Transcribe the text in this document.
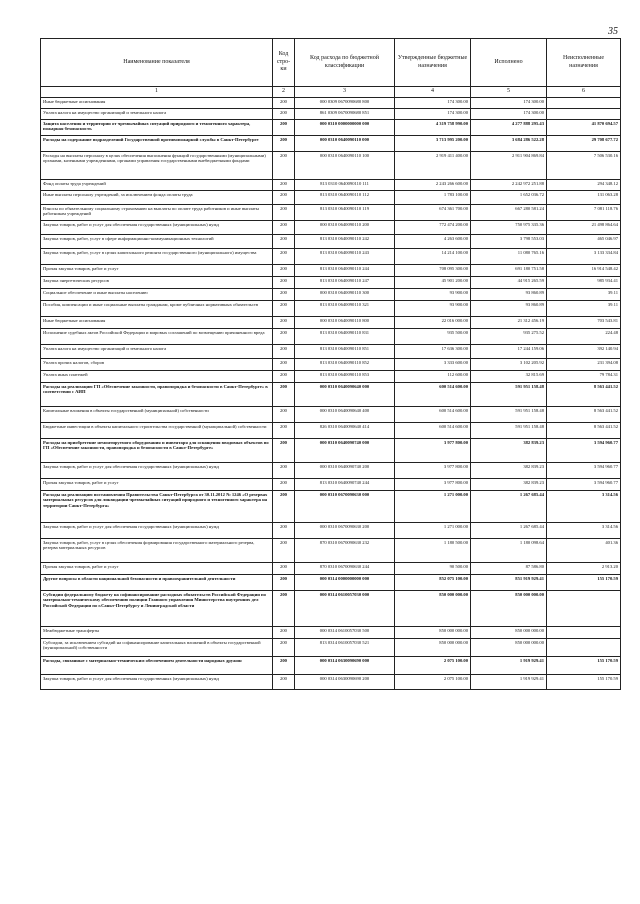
35
Наименование показателя	Код стро-ки	Код расхода по бюджетной классификации	Утвержденные бюджетные назначения	Исполнено	Неисполненные назначения
1	2	3	4	5	6
Иные бюджетные ассигнования	200	000 0309 0670090680 800	174 300.00	174 300.00	
Уплата налога на имущество организаций и земельного налога	200	861 0309 0670090680 851	174 300.00	174 300.00	
Защита населения и территории от чрезвычайных ситуаций природного и техногенного характера, пожарная безопасность	200	000 0310 0000000000 000	4 319 758 990.00	4 277 888 295.43	41 870 694.57
Расходы на содержание подразделений Государственной противопожарной службы в Санкт-Петербурге	200	000 0310 0640090110 000	3 713 995 200.00	3 684 286 522.28	29 708 677.72
Расходы на выплаты персоналу в целях обеспечения выполнения функций государственными (муниципальными) органами, казенными учреждениями, органами управления государственными внебюджетными фондами	200	000 0310 0640090110 100	2 919 411 400.00	2 911 904 869.84	7 506 530.16
Фонд оплаты труда учреждений	200	813 0310 0640090110 111	2 243 266 600.00	2 242 972 251.88	294 348.12
Иные выплаты персоналу учреждений, за исключением фонда оплаты труда	200	813 0310 0640090110 112	1 783 100.00	1 652 036.72	131 063.28
Взносы по обязательному социальному страхованию на выплаты по оплате труда работников и иные выплаты работникам учреждений	200	813 0310 0640090110 119	674 361 700.00	667 280 581.24	7 081 118.76
Закупка товаров, работ и услуг для обеспечения государственных (муниципальных) нужд	200	000 0310 0640090110 200	772 474 200.00	750 975 335.36	21 498 864.64
Закупка товаров, работ, услуг в сфере информационно-коммуникационных технологий	200	813 0310 0640090110 242	4 263 600.00	3 798 553.03	465 046.97
Закупка товаров, работ, услуг в целях капитального ремонта государственного (муниципального) имущества	200	813 0310 0640090110 243	14 214 100.00	11 080 765.16	3 133 334.84
Прочая закупка товаров, работ и услуг	200	813 0310 0640090110 244	708 095 300.00	691 180 751.58	16 914 548.42
Закупка энергетических ресурсов	200	813 0310 0640090110 247	45 901 200.00	44 915 265.59	985 934.41
Социальное обеспечение и иные выплаты населению	200	000 0310 0640090110 300	93 900.00	93 860.89	39.11
Пособия, компенсации и иные социальные выплаты гражданам, кроме публичных нормативных обязательств	200	813 0310 0640090110 321	93 900.00	93 860.89	39.11
Иные бюджетные ассигнования	200	000 0310 0640090110 800	22 016 000.00	21 312 456.19	703 543.81
Исполнение судебных актов Российской Федерации и мировых соглашений по возмещению причиненного вреда	200	813 0310 0640090110 831	935 500.00	935 275.52	224.48
Уплата налога на имущество организаций и земельного налога	200	813 0310 0640090110 851	17 636 300.00	17 244 159.06	392 140.94
Уплата прочих налогов, сборов	200	813 0310 0640090110 852	3 333 600.00	3 102 205.92	231 394.08
Уплата иных платежей	200	813 0310 0640090110 853	112 600.00	32 815.69	79 784.31
Расходы на реализацию ГП «Обеспечение законности, правопорядка и безопасности в Санкт-Петербурге» в соответствии с АИП	200	000 0310 0640090640 000	600 514 600.00	591 951 158.48	8 563 441.52
Капитальные вложения в объекты государственной (муниципальной) собственности	200	000 0310 0640090640 400	600 514 600.00	591 951 158.48	8 563 441.52
Бюджетные инвестиции в объекты капитального строительства государственной (муниципальной) собственности	200	826 0310 0640090640 414	600 514 600.00	591 951 158.48	8 563 441.52
Расходы на приобретение немонтируемого оборудования и инвентаря для оснащения вводимых объектов по ГП «Обеспечение законности, правопорядка и безопасности в Санкт-Петербурге»	200	000 0310 0640090740 000	3 977 800.00	382 839.23	3 594 960.77
Закупка товаров, работ и услуг для обеспечения государственных (муниципальных) нужд	200	000 0310 0640090740 200	3 977 800.00	382 839.23	3 594 960.77
Прочая закупка товаров, работ и услуг	200	813 0310 0640090740 244	3 977 800.00	382 839.23	3 594 960.77
Расходы на реализацию постановления Правительства Санкт-Петербурга от 30.11.2012 № 1246 «О резервах материальных ресурсов для ликвидации чрезвычайных ситуаций природного и техногенного характера на территории Санкт-Петербурга»	200	000 0310 0670090630 000	1 271 000.00	1 267 685.44	3 314.56
Закупка товаров, работ и услуг для обеспечения государственных (муниципальных) нужд	200	000 0310 0670090630 200	1 271 000.00	1 267 685.44	3 314.56
Закупка товаров, работ, услуг в целях обеспечения формирования государственного материального резерва, резерва материальных ресурсов	200	870 0310 0670090630 232	1 180 500.00	1 180 098.64	401.36
Прочая закупка товаров, работ и услуг	200	870 0310 0670090630 244	90 500.00	87 586.80	2 913.20
Другие вопросы в области национальной безопасности и правоохранительной деятельности	200	000 0314 0000000000 000	852 075 100.00	851 919 929.41	155 170.59
Субсидии федеральному бюджету на софинансирование расходных обязательств Российской Федерации по материально-техническому обеспечению полиции Главного управления Министерства внутренних дел Российской Федерации по г.Санкт-Петербургу и Ленинградской области	200	000 0314 0610057030 000	850 000 000.00	850 000 000.00	
Межбюджетные трансферты	200	000 0314 0610057030 500	850 000 000.00	850 000 000.00	
Субсидии, за исключением субсидий на софинансирование капитальных вложений в объекты государственной (муниципальной) собственности	200	813 0314 0610057030 521	850 000 000.00	850 000 000.00	
Расходы, связанные с материально-техническим обеспечением деятельности народных дружин	200	000 0314 0630090690 000	2 075 100.00	1 919 929.41	155 170.59
Закупка товаров, работ и услуг для обеспечения государственных (муниципальных) нужд	200	000 0314 0630090690 200	2 075 100.00	1 919 929.41	155 170.59
